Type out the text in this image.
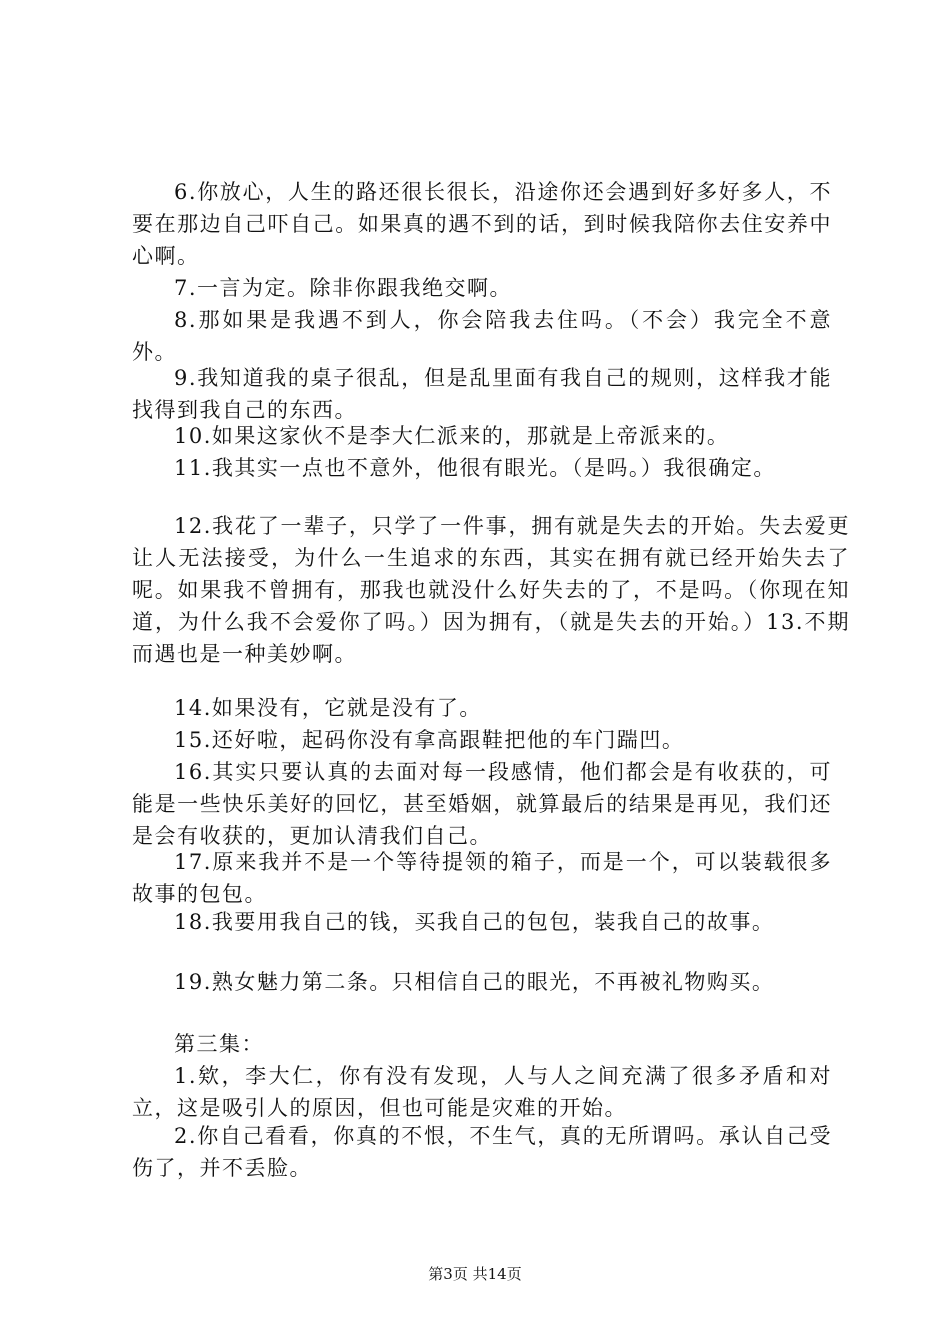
6.你放心，人生的路还很长很长，沿途你还会遇到好多好多人，不要在那边自己吓自己。如果真的遇不到的话，到时候我陪你去住安养中心啊。

7.一言为定。除非你跟我绝交啊。

8.那如果是我遇不到人，你会陪我去住吗。（不会）我完全不意外。

9.我知道我的桌子很乱，但是乱里面有我自己的规则，这样我才能找得到我自己的东西。

10.如果这家伙不是李大仁派来的，那就是上帝派来的。

11.我其实一点也不意外，他很有眼光。（是吗。）我很确定。

12.我花了一辈子，只学了一件事，拥有就是失去的开始。失去爱更让人无法接受，为什么一生追求的东西，其实在拥有就已经开始失去了呢。如果我不曾拥有，那我也就没什么好失去的了，不是吗。（你现在知道，为什么我不会爱你了吗。）因为拥有，（就是失去的开始。）13.不期而遇也是一种美妙啊。

14.如果没有，它就是没有了。

15.还好啦，起码你没有拿高跟鞋把他的车门踹凹。

16.其实只要认真的去面对每一段感情，他们都会是有收获的，可能是一些快乐美好的回忆，甚至婚姻，就算最后的结果是再见，我们还是会有收获的，更加认清我们自己。

17.原来我并不是一个等待提领的箱子，而是一个，可以装载很多故事的包包。

18.我要用我自己的钱，买我自己的包包，装我自己的故事。

19.熟女魅力第二条。只相信自己的眼光，不再被礼物购买。

第三集：

1.欸，李大仁，你有没有发现，人与人之间充满了很多矛盾和对立，这是吸引人的原因，但也可能是灾难的开始。

2.你自己看看，你真的不恨，不生气，真的无所谓吗。承认自己受伤了，并不丢脸。

第3页 共14页
